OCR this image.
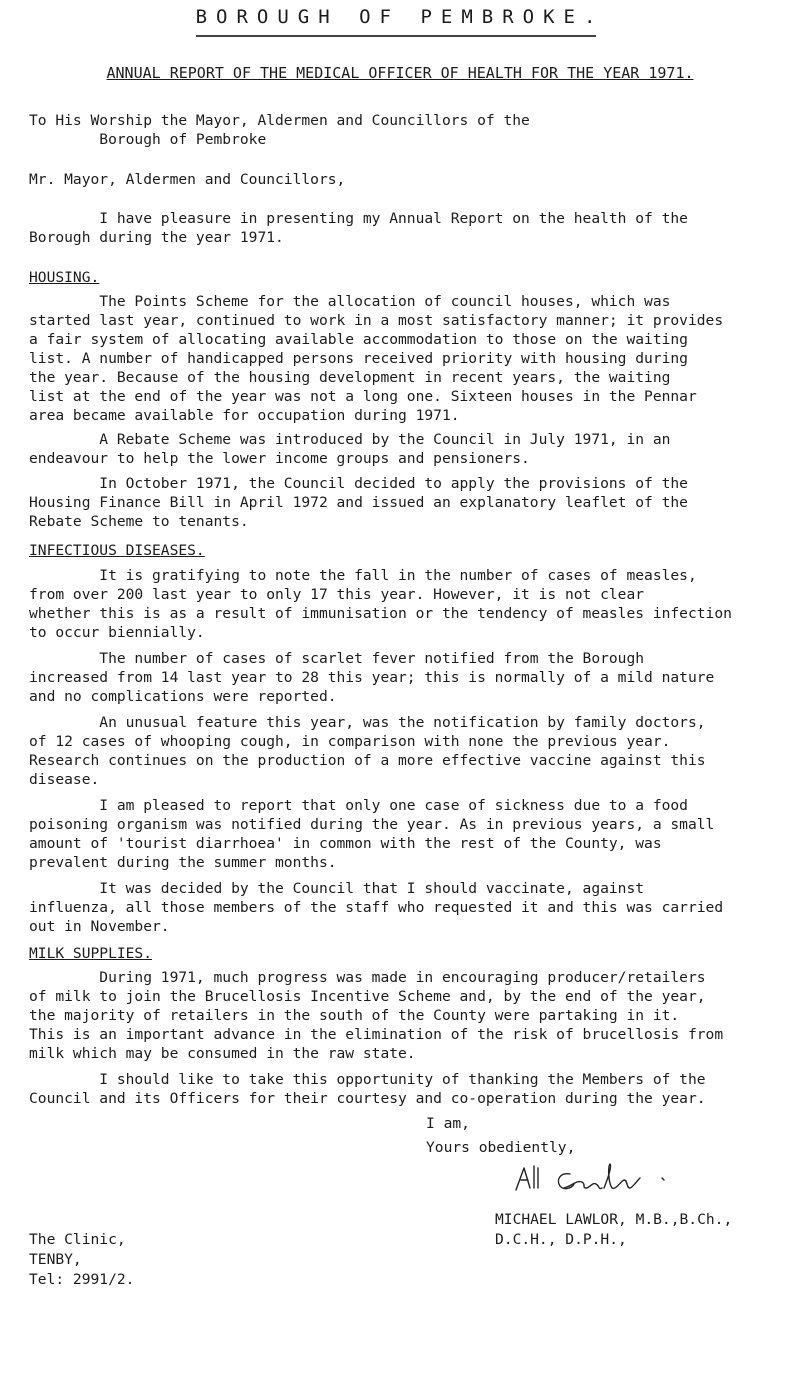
BOROUGH OF PEMBROKE.
ANNUAL REPORT OF THE MEDICAL OFFICER OF HEALTH FOR THE YEAR 1971.
To His Worship the Mayor, Aldermen and Councillors of the
Borough of Pembroke
Mr. Mayor, Aldermen and Councillors,
I have pleasure in presenting my Annual Report on the health of the
Borough during the year 1971.
HOUSING.
The Points Scheme for the allocation of council houses, which was
started last year, continued to work in a most satisfactory manner; it provides
a fair system of allocating available accommodation to those on the waiting
list. A number of handicapped persons received priority with housing during
the year. Because of the housing development in recent years, the waiting
list at the end of the year was not a long one. Sixteen houses in the Pennar
area became available for occupation during 1971.
A Rebate Scheme was introduced by the Council in July 1971, in an
endeavour to help the lower income groups and pensioners.
In October 1971, the Council decided to apply the provisions of the
Housing Finance Bill in April 1972 and issued an explanatory leaflet of the
Rebate Scheme to tenants.
INFECTIOUS DISEASES.
It is gratifying to note the fall in the number of cases of measles,
from over 200 last year to only 17 this year. However, it is not clear
whether this is as a result of immunisation or the tendency of measles infection
to occur biennially.
The number of cases of scarlet fever notified from the Borough
increased from 14 last year to 28 this year; this is normally of a mild nature
and no complications were reported.
An unusual feature this year, was the notification by family doctors,
of 12 cases of whooping cough, in comparison with none the previous year.
Research continues on the production of a more effective vaccine against this
disease.
I am pleased to report that only one case of sickness due to a food
poisoning organism was notified during the year. As in previous years, a small
amount of 'tourist diarrhoea' in common with the rest of the County, was
prevalent during the summer months.
It was decided by the Council that I should vaccinate, against
influenza, all those members of the staff who requested it and this was carried
out in November.
MILK SUPPLIES.
During 1971, much progress was made in encouraging producer/retailers
of milk to join the Brucellosis Incentive Scheme and, by the end of the year,
the majority of retailers in the south of the County were partaking in it.
This is an important advance in the elimination of the risk of brucellosis from
milk which may be consumed in the raw state.
I should like to take this opportunity of thanking the Members of the
Council and its Officers for their courtesy and co-operation during the year.
I am,
Yours obediently,
MICHAEL LAWLOR, M.B.,B.Ch.,
D.C.H., D.P.H.,
The Clinic,
TENBY,
Tel: 2991/2.
